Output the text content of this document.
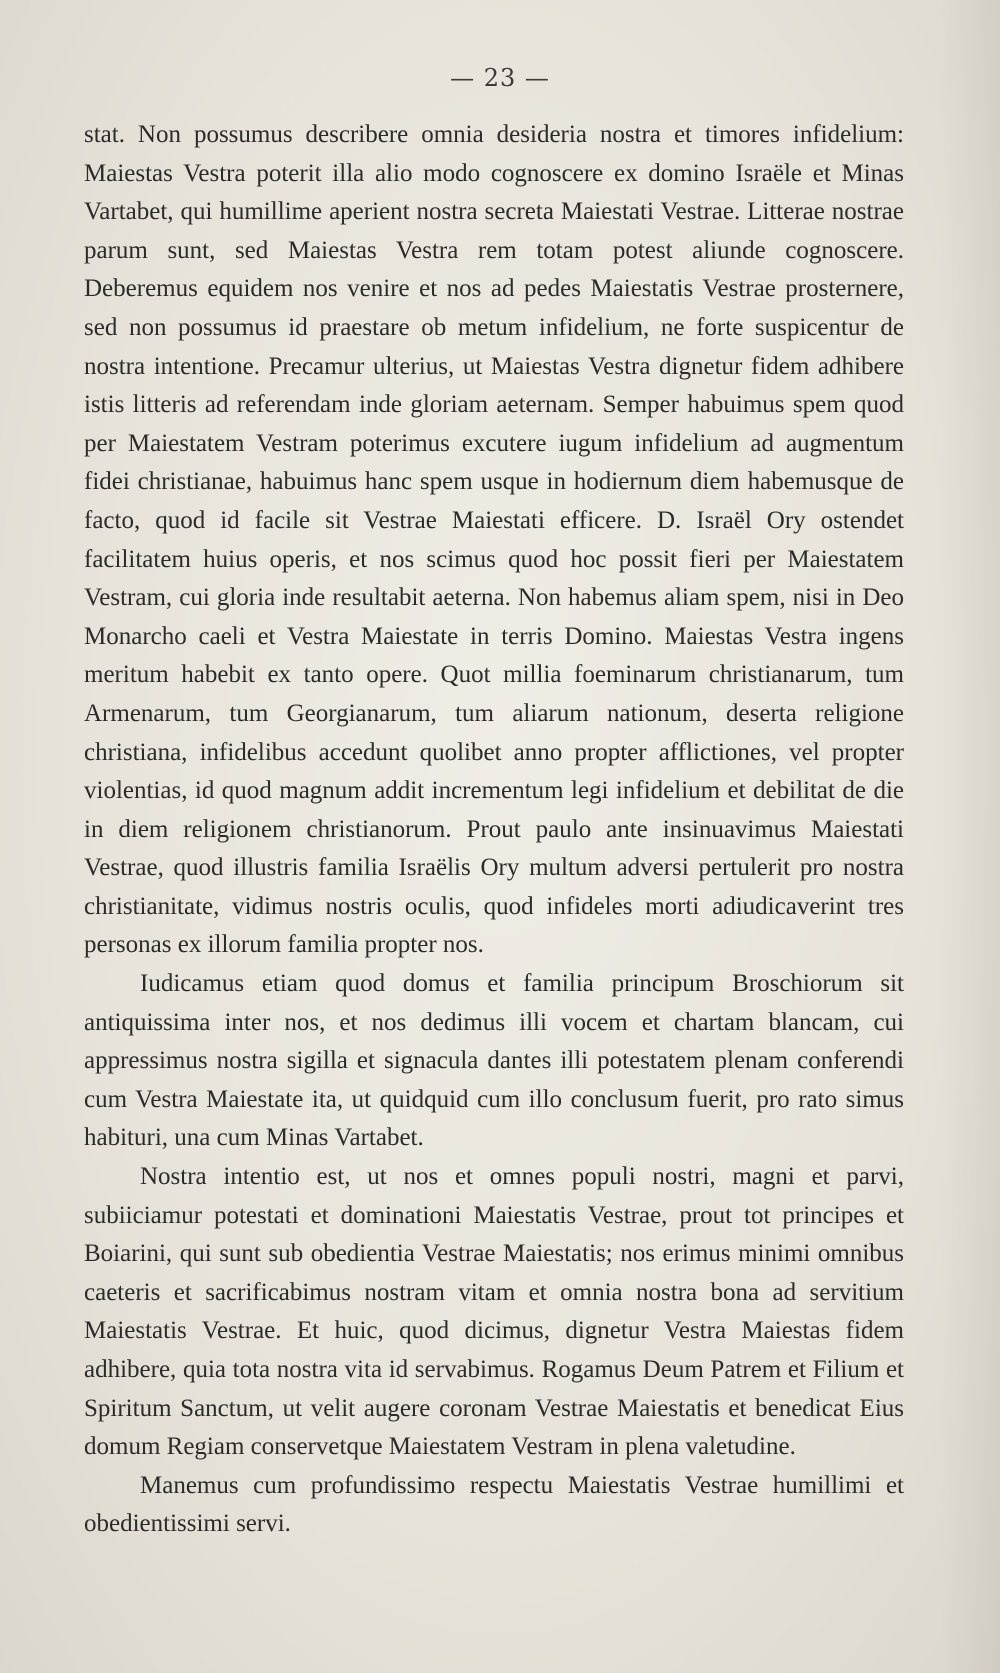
— 23 —

stat. Non possumus describere omnia desideria nostra et timores infidelium: Maiestas Vestra poterit illa alio modo cognoscere ex domino Israële et Minas Vartabet, qui humillime aperient nostra secreta Maiestati Vestrae. Litterae nostrae parum sunt, sed Maiestas Vestra rem totam potest aliunde cognoscere. Deberemus equidem nos venire et nos ad pedes Maiestatis Vestrae prosternere, sed non possumus id praestare ob metum infidelium, ne forte suspicentur de nostra intentione. Precamur ulterius, ut Maiestas Vestra dignetur fidem adhibere istis litteris ad referendam inde gloriam aeternam. Semper habuimus spem quod per Maiestatem Vestram poterimus excutere iugum infidelium ad augmentum fidei christianae, habuimus hanc spem usque in hodiernum diem habemusque de facto, quod id facile sit Vestrae Maiestati efficere. D. Israël Ory ostendet facilitatem huius operis, et nos scimus quod hoc possit fieri per Maiestatem Vestram, cui gloria inde resultabit aeterna. Non habemus aliam spem, nisi in Deo Monarcho caeli et Vestra Maiestate in terris Domino. Maiestas Vestra ingens meritum habebit ex tanto opere. Quot millia foeminarum christianarum, tum Armenarum, tum Georgianarum, tum aliarum nationum, deserta religione christiana, infidelibus accedunt quolibet anno propter afflictiones, vel propter violentias, id quod magnum addit incrementum legi infidelium et debilitat de die in diem religionem christianorum. Prout paulo ante insinuavimus Maiestati Vestrae, quod illustris familia Israëlis Ory multum adversi pertulerit pro nostra christianitate, vidimus nostris oculis, quod infideles morti adiudicaverint tres personas ex illorum familia propter nos.

Iudicamus etiam quod domus et familia principum Broschiorum sit antiquissima inter nos, et nos dedimus illi vocem et chartam blancam, cui appressimus nostra sigilla et signacula dantes illi potestatem plenam conferendi cum Vestra Maiestate ita, ut quidquid cum illo conclusum fuerit, pro rato simus habituri, una cum Minas Vartabet.

Nostra intentio est, ut nos et omnes populi nostri, magni et parvi, subiiciamur potestati et dominationi Maiestatis Vestrae, prout tot principes et Boiarini, qui sunt sub obedientia Vestrae Maiestatis; nos erimus minimi omnibus caeteris et sacrificabimus nostram vitam et omnia nostra bona ad servitium Maiestatis Vestrae. Et huic, quod dicimus, dignetur Vestra Maiestas fidem adhibere, quia tota nostra vita id servabimus. Rogamus Deum Patrem et Filium et Spiritum Sanctum, ut velit augere coronam Vestrae Maiestatis et benedicat Eius domum Regiam conservetque Maiestatem Vestram in plena valetudine.

Manemus cum profundissimo respectu Maiestatis Vestrae humillimi et obedientissimi servi.
